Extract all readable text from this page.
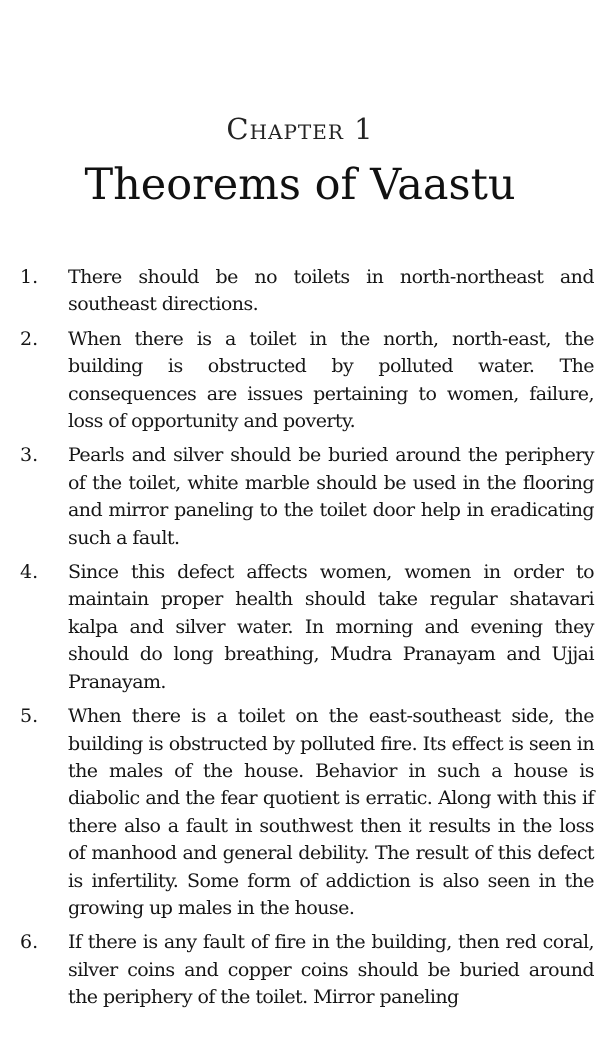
Chapter 1
Theorems of Vaastu
1.	There should be no toilets in north-northeast and southeast directions.
2.	When there is a toilet in the north, north-east, the building is obstructed by polluted water. The consequences are issues pertaining to women, failure, loss of opportunity and poverty.
3.	Pearls and silver should be buried around the periphery of the toilet, white marble should be used in the flooring and mirror paneling to the toilet door help in eradicating such a fault.
4.	Since this defect affects women, women in order to maintain proper health should take regular shatavari kalpa and silver water. In morning and evening they should do long breathing, Mudra Pranayam and Ujjai Pranayam.
5.	When there is a toilet on the east-southeast side, the building is obstructed by polluted fire. Its effect is seen in the males of the house. Behavior in such a house is diabolic and the fear quotient is erratic. Along with this if there also a fault in southwest then it results in the loss of manhood and general debility. The result of this defect is infertility. Some form of addiction is also seen in the growing up males in the house.
6.	If there is any fault of fire in the building, then red coral, silver coins and copper coins should be buried around the periphery of the toilet. Mirror paneling
